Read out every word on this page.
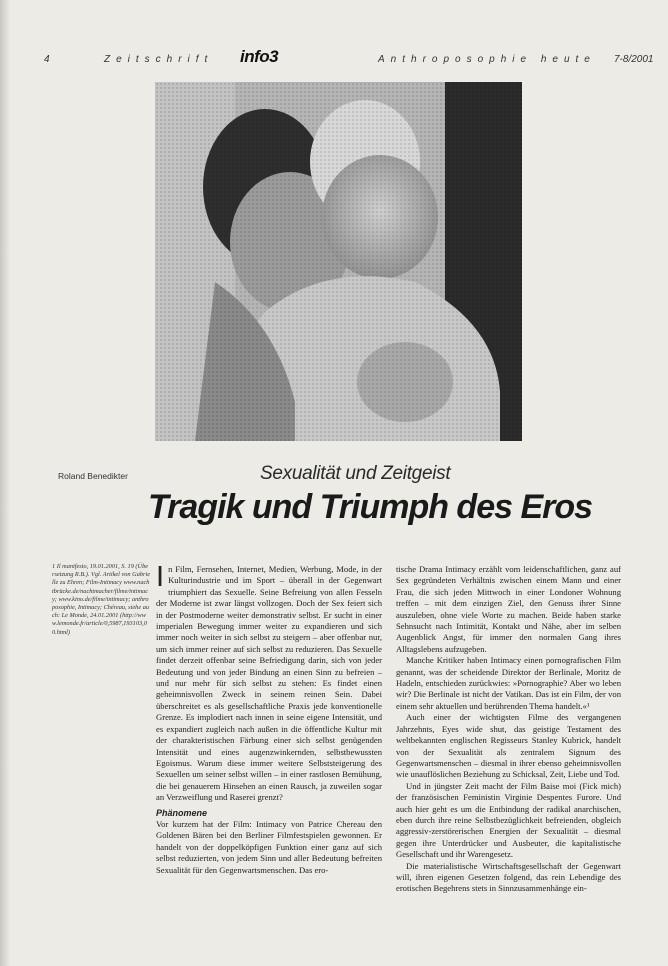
4	Zeitschrift info3	Anthroposophie heute 7-8/2001
Roland Benedikter	Sexualität und Zeitgeist
Tragik und Triumph des Eros
1 Il manifesto, 19.01.2001, S. 19 (Übersetzung R.B.). Vgl. Artikel von Gabrielle zu Ehren; Film-Intimacy www.nachtbrücke.de/nachtmacher/filme/intimacy; www.kino.de/filme/intimacy; anthroposophie, Intimacy; Chéreau, siehe auch: Le Monde, 24.01.2001 (http://www.lemonde.fr/article/0,5987,193103,00.html)

In Film, Fernsehen, Internet, Medien, Werbung, Mode, in der Kulturindustrie und im Sport – überall in der Gegenwart triumphiert das Sexuelle. Seine Befreiung von allen Fesseln der Moderne ist zwar längst vollzogen. Doch der Sex feiert sich in der Postmoderne weiter demonstrativ selbst. Er sucht in einer imperialen Bewegung immer weiter zu expandieren und sich immer noch weiter in sich selbst zu steigern – aber offenbar nur, um sich immer reiner auf sich selbst zu reduzieren. Das Sexuelle findet derzeit offenbar seine Befriedigung darin, sich von jeder Bedeutung und von jeder Bindung an einen Sinn zu befreien – und nur mehr für sich selbst zu stehen: Es findet einen geheimnisvollen Zweck in seinem reinen Sein. Dabei überschreitet es als gesellschaftliche Praxis jede konventionelle Grenze. Es implodiert nach innen in seine eigene Intensität, und es expandiert zugleich nach außen in die öffentliche Kultur mit der charakteristischen Färbung einer sich selbst genügenden Intensität und eines augenzwinkernden, selbstbewussten Egoismus. Warum diese immer weitere Selbststeigerung des Sexuellen um seiner selbst willen – in einer rastlosen Bemühung, die bei genauerem Hinsehen an einen Rausch, ja zuweilen sogar an Verzweiflung und Raserei grenzt?

Phänomene

Vor kurzem hat der Film: Intimacy von Patrice Chereau den Goldenen Bären bei den Berliner Filmfestspielen gewonnen. Er handelt von der doppelköpfigen Funktion einer ganz auf sich selbst reduzierten, von jedem Sinn und aller Bedeutung befreiten Sexualität für den Gegenwartsmenschen. Das ero-

tische Drama Intimacy erzählt vom leidenschaftlichen, ganz auf Sex gegründeten Verhältnis zwischen einem Mann und einer Frau, die sich jeden Mittwoch in einer Londoner Wohnung treffen – mit dem einzigen Ziel, den Genuss ihrer Sinne auszuleben, ohne viele Worte zu machen. Beide haben starke Sehnsucht nach Intimität, Kontakt und Nähe, aber im selben Augenblick Angst, für immer den normalen Gang ihres Alltagslebens aufzugeben.

Manche Kritiker haben Intimacy einen pornografischen Film genannt, was der scheidende Direktor der Berlinale, Moritz de Hadeln, entschieden zurückwies: »Pornographie? Aber wo leben wir? Die Berlinale ist nicht der Vatikan. Das ist ein Film, der von einem sehr aktuellen und berührenden Thema handelt.«¹

Auch einer der wichtigsten Filme des vergangenen Jahrzehnts, Eyes wide shut, das geistige Testament des weltbekannten englischen Regisseurs Stanley Kubrick, handelt von der Sexualität als zentralem Signum des Gegenwartsmenschen – diesmal in ihrer ebenso geheimnisvollen wie unauflöslichen Beziehung zu Schicksal, Zeit, Liebe und Tod.

Und in jüngster Zeit macht der Film Baise moi (Fick mich) der französischen Feministin Virginie Despentes Furore. Und auch hier geht es um die Entbindung der radikal anarchischen, eben durch ihre reine Selbstbezüglichkeit befreienden, obgleich aggressiv-zerstörerischen Energien der Sexualität – diesmal gegen ihre Unterdrücker und Ausbeuter, die kapitalistische Gesellschaft und ihr Warengesetz.

Die materialistische Wirtschaftsgesellschaft der Gegenwart will, ihren eigenen Gesetzen folgend, das rein Lebendige des erotischen Begehrens stets in Sinnzusammenhänge ein-
